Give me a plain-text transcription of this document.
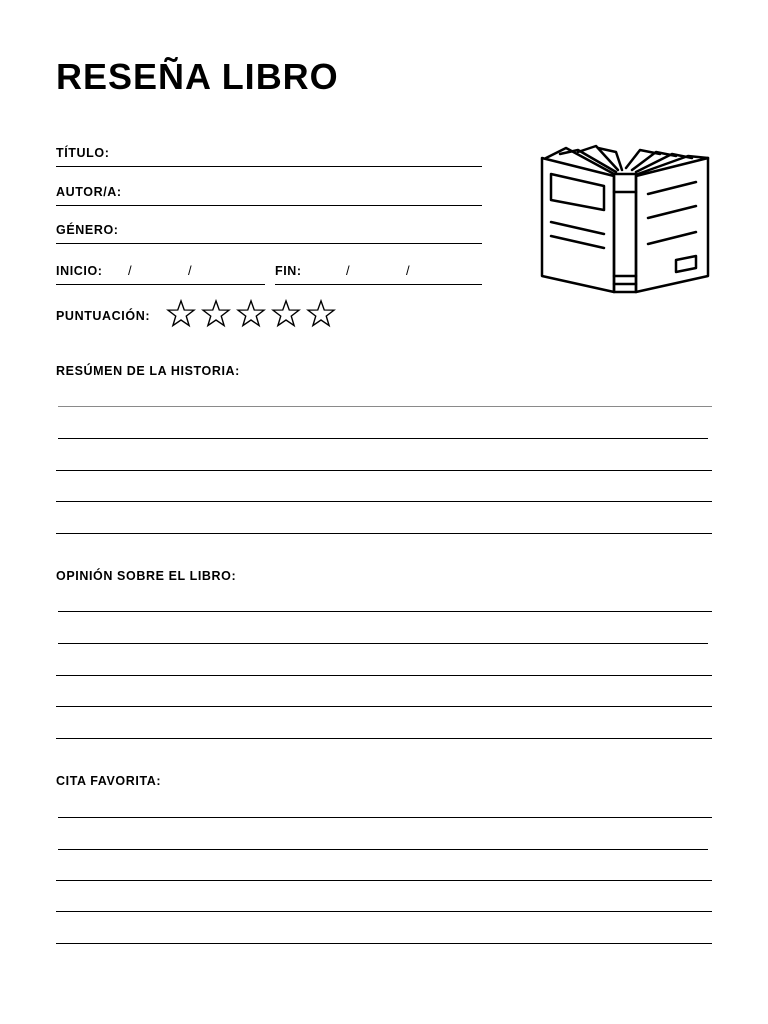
RESEÑA LIBRO
TÍTULO:
AUTOR/A:
GÉNERO:
INICIO: /	/	FIN:	/	/
PUNTUACIÓN:
RESÚMEN DE LA HISTORIA:
OPINIÓN SOBRE EL LIBRO:
CITA FAVORITA:
